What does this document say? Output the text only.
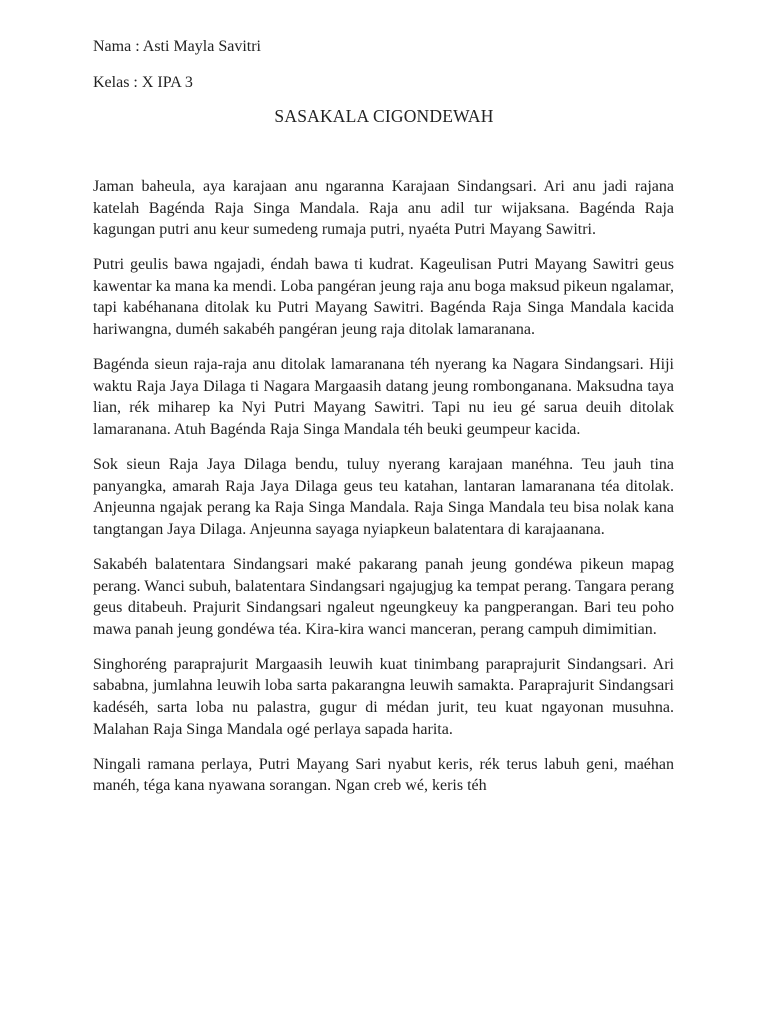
Nama : Asti Mayla Savitri

Kelas : X IPA 3

SASAKALA CIGONDEWAH

Jaman baheula, aya karajaan anu ngaranna Karajaan Sindangsari. Ari anu jadi rajana katelah Bagénda Raja Singa Mandala. Raja anu adil tur wijaksana. Bagénda Raja kagungan putri anu keur sumedeng rumaja putri, nyaéta Putri Mayang Sawitri.

Putri geulis bawa ngajadi, éndah bawa ti kudrat. Kageulisan Putri Mayang Sawitri geus kawentar ka mana ka mendi. Loba pangéran jeung raja anu boga maksud pikeun ngalamar, tapi kabéhanana ditolak ku Putri Mayang Sawitri. Bagénda Raja Singa Mandala kacida hariwangna, duméh sakabéh pangéran jeung raja ditolak lamaranana.

Bagénda sieun raja-raja anu ditolak lamaranana téh nyerang ka Nagara Sindangsari. Hiji waktu Raja Jaya Dilaga ti Nagara Margaasih datang jeung rombonganana. Maksudna taya lian, rék miharep ka Nyi Putri Mayang Sawitri. Tapi nu ieu gé sarua deuih ditolak lamaranana. Atuh Bagénda Raja Singa Mandala téh beuki geumpeur kacida.

Sok sieun Raja Jaya Dilaga bendu, tuluy nyerang karajaan manéhna. Teu jauh tina panyangka, amarah Raja Jaya Dilaga geus teu katahan, lantaran lamaranana téa ditolak. Anjeunna ngajak perang ka Raja Singa Mandala. Raja Singa Mandala teu bisa nolak kana tangtangan Jaya Dilaga. Anjeunna sayaga nyiapkeun balatentara di karajaanana.

Sakabéh balatentara Sindangsari maké pakarang panah jeung gondéwa pikeun mapag perang. Wanci subuh, balatentara Sindangsari ngajugjug ka tempat perang. Tangara perang geus ditabeuh. Prajurit Sindangsari ngaleut ngeungkeuy ka pangperangan. Bari teu poho mawa panah jeung gondéwa téa. Kira-kira wanci manceran, perang campuh dimimitian.

Singhoréng paraprajurit Margaasih leuwih kuat tinimbang paraprajurit Sindangsari. Ari sababna, jumlahna leuwih loba sarta pakarangna leuwih samakta. Paraprajurit Sindangsari kadéséh, sarta loba nu palastra, gugur di médan jurit, teu kuat ngayonan musuhna. Malahan Raja Singa Mandala ogé perlaya sapada harita.

Ningali ramana perlaya, Putri Mayang Sari nyabut keris, rék terus labuh geni, maéhan manéh, téga kana nyawana sorangan. Ngan creb wé, keris téh
